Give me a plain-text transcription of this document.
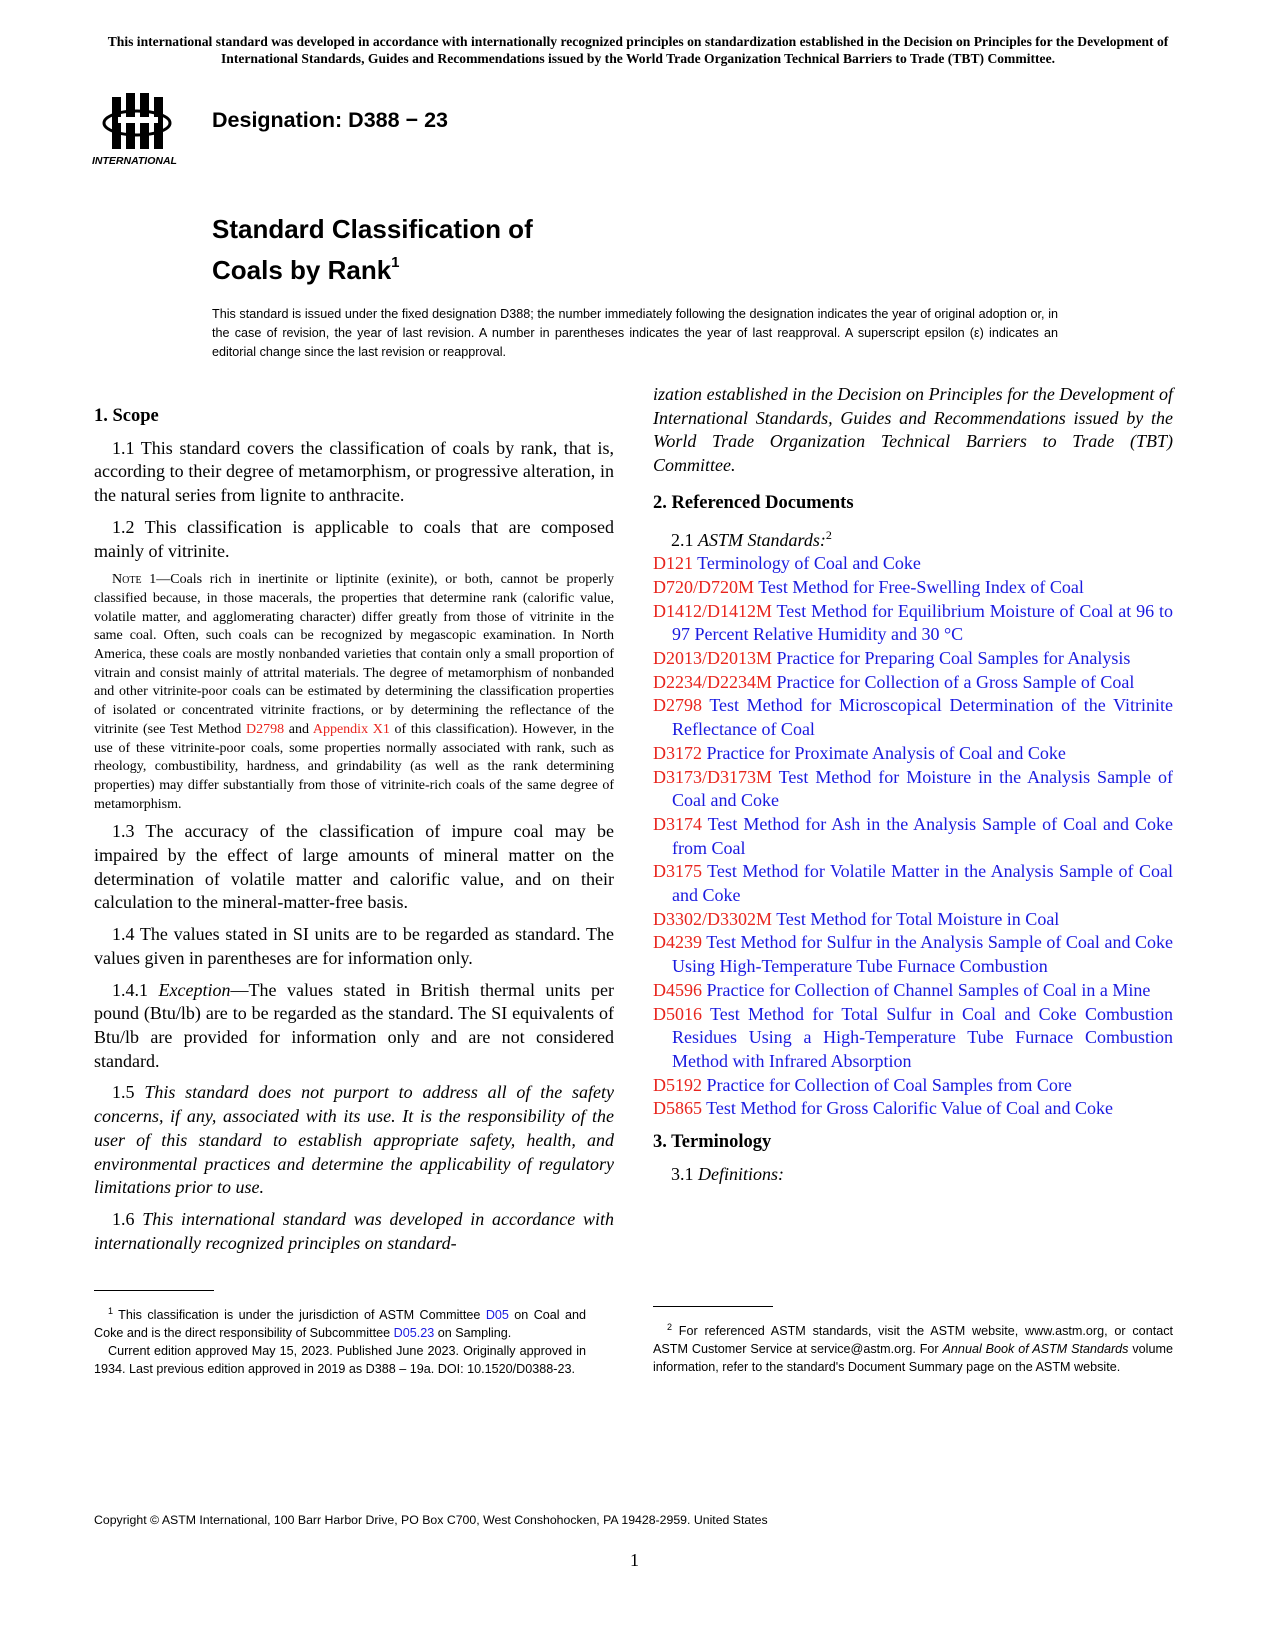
This international standard was developed in accordance with internationally recognized principles on standardization established in the Decision on Principles for the Development of International Standards, Guides and Recommendations issued by the World Trade Organization Technical Barriers to Trade (TBT) Committee.
INTERNATIONAL
Designation: D388 − 23
Standard Classification of
Coals by Rank$^1$
This standard is issued under the fixed designation D388; the number immediately following the designation indicates the year of original adoption or, in the case of revision, the year of last revision. A number in parentheses indicates the year of last reapproval. A superscript epsilon (ε) indicates an editorial change since the last revision or reapproval.
1. Scope
1.1 This standard covers the classification of coals by rank, that is, according to their degree of metamorphism, or progressive alteration, in the natural series from lignite to anthracite.
1.2 This classification is applicable to coals that are composed mainly of vitrinite.
Note 1—Coals rich in inertinite or liptinite (exinite), or both, cannot be properly classified because, in those macerals, the properties that determine rank (calorific value, volatile matter, and agglomerating character) differ greatly from those of vitrinite in the same coal. Often, such coals can be recognized by megascopic examination. In North America, these coals are mostly nonbanded varieties that contain only a small proportion of vitrain and consist mainly of attrital materials. The degree of metamorphism of nonbanded and other vitrinite-poor coals can be estimated by determining the classification properties of isolated or concentrated vitrinite fractions, or by determining the reflectance of the vitrinite (see Test Method D2798 and Appendix X1 of this classification). However, in the use of these vitrinite-poor coals, some properties normally associated with rank, such as rheology, combustibility, hardness, and grindability (as well as the rank determining properties) may differ substantially from those of vitrinite-rich coals of the same degree of metamorphism.
1.3 The accuracy of the classification of impure coal may be impaired by the effect of large amounts of mineral matter on the determination of volatile matter and calorific value, and on their calculation to the mineral-matter-free basis.
1.4 The values stated in SI units are to be regarded as standard. The values given in parentheses are for information only.
1.4.1 Exception—The values stated in British thermal units per pound (Btu/lb) are to be regarded as the standard. The SI equivalents of Btu/lb are provided for information only and are not considered standard.
1.5 This standard does not purport to address all of the safety concerns, if any, associated with its use. It is the responsibility of the user of this standard to establish appropriate safety, health, and environmental practices and determine the applicability of regulatory limitations prior to use.
1.6 This international standard was developed in accordance with internationally recognized principles on standard-
ization established in the Decision on Principles for the Development of International Standards, Guides and Recommendations issued by the World Trade Organization Technical Barriers to Trade (TBT) Committee.
2. Referenced Documents
2.1 ASTM Standards:$^2$
D121 Terminology of Coal and Coke
D720/D720M Test Method for Free-Swelling Index of Coal
D1412/D1412M Test Method for Equilibrium Moisture of Coal at 96 to 97 Percent Relative Humidity and 30 °C
D2013/D2013M Practice for Preparing Coal Samples for Analysis
D2234/D2234M Practice for Collection of a Gross Sample of Coal
D2798 Test Method for Microscopical Determination of the Vitrinite Reflectance of Coal
D3172 Practice for Proximate Analysis of Coal and Coke
D3173/D3173M Test Method for Moisture in the Analysis Sample of Coal and Coke
D3174 Test Method for Ash in the Analysis Sample of Coal and Coke from Coal
D3175 Test Method for Volatile Matter in the Analysis Sample of Coal and Coke
D3302/D3302M Test Method for Total Moisture in Coal
D4239 Test Method for Sulfur in the Analysis Sample of Coal and Coke Using High-Temperature Tube Furnace Combustion
D4596 Practice for Collection of Channel Samples of Coal in a Mine
D5016 Test Method for Total Sulfur in Coal and Coke Combustion Residues Using a High-Temperature Tube Furnace Combustion Method with Infrared Absorption
D5192 Practice for Collection of Coal Samples from Core
D5865 Test Method for Gross Calorific Value of Coal and Coke
3. Terminology
3.1 Definitions:
$^1$ This classification is under the jurisdiction of ASTM Committee D05 on Coal and Coke and is the direct responsibility of Subcommittee D05.23 on Sampling.
Current edition approved May 15, 2023. Published June 2023. Originally approved in 1934. Last previous edition approved in 2019 as D388 – 19a. DOI: 10.1520/D0388-23.
$^2$ For referenced ASTM standards, visit the ASTM website, www.astm.org, or contact ASTM Customer Service at service@astm.org. For Annual Book of ASTM Standards volume information, refer to the standard's Document Summary page on the ASTM website.
Copyright © ASTM International, 100 Barr Harbor Drive, PO Box C700, West Conshohocken, PA 19428-2959. United States
1
